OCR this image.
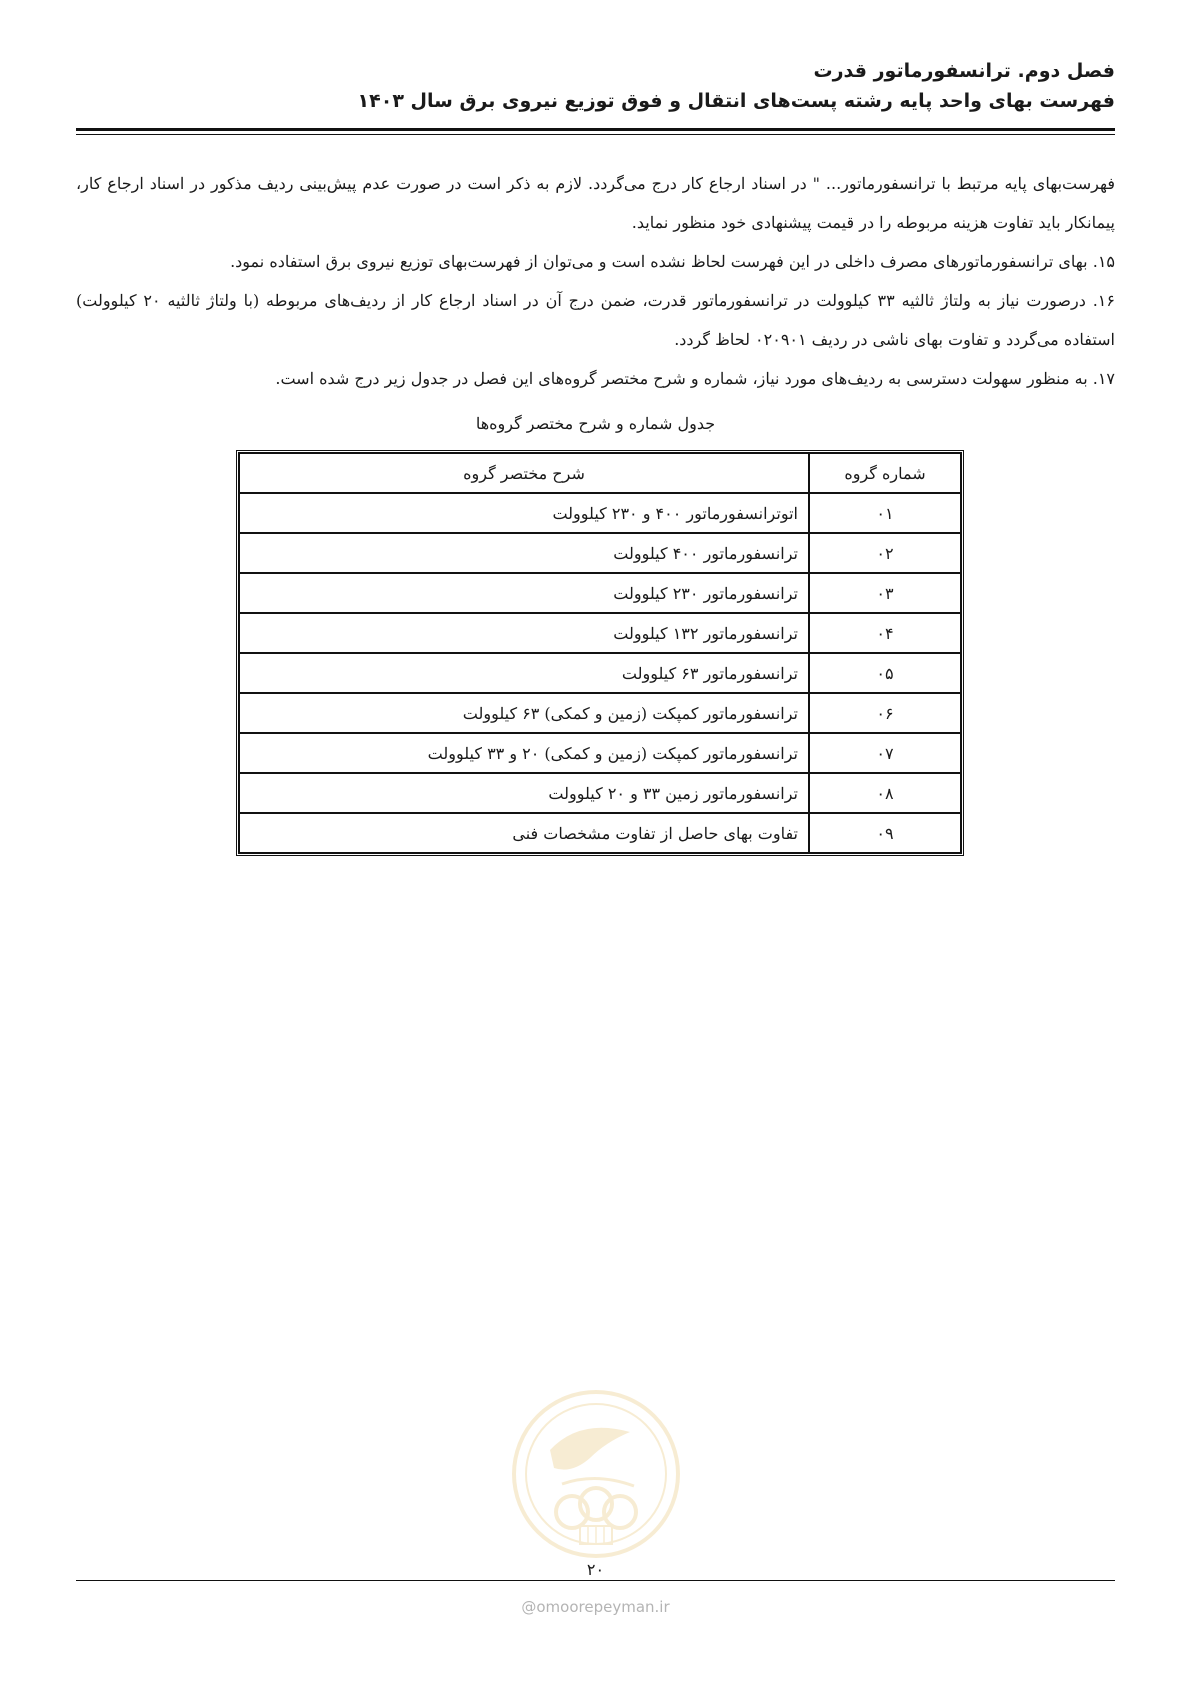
فصل دوم. ترانسفورماتور قدرت
فهرست بهای واحد پایه رشته پست‌های انتقال و فوق توزیع نیروی برق سال ۱۴۰۳

فهرست‌بهای پایه مرتبط با ترانسفورماتور... " در اسناد ارجاع کار درج می‌گردد. لازم به ذکر است در صورت عدم پیش‌بینی ردیف مذکور در اسناد ارجاع کار، پیمانکار باید تفاوت هزینه مربوطه را در قیمت پیشنهادی خود منظور نماید.

۱۵. بهای ترانسفورماتورهای مصرف داخلی در این فهرست لحاظ نشده است و می‌توان از فهرست‌بهای توزیع نیروی برق استفاده نمود.

۱۶. درصورت نیاز به ولتاژ ثالثیه ۳۳ کیلوولت در ترانسفورماتور قدرت، ضمن درج آن در اسناد ارجاع کار از ردیف‌های مربوطه (با ولتاژ ثالثیه ۲۰ کیلوولت) استفاده می‌گردد و تفاوت بهای ناشی در ردیف ۰۲۰۹۰۱ لحاظ گردد.

۱۷. به منظور سهولت دسترسی به ردیف‌های مورد نیاز، شماره و شرح مختصر گروه‌های این فصل در جدول زیر درج شده است.

جدول شماره و شرح مختصر گروه‌ها
شماره گروه	شرح مختصر گروه
۰۱	اتوترانسفورماتور ۴۰۰ و ۲۳۰ کیلوولت
۰۲	ترانسفورماتور ۴۰۰ کیلوولت
۰۳	ترانسفورماتور ۲۳۰ کیلوولت
۰۴	ترانسفورماتور ۱۳۲ کیلوولت
۰۵	ترانسفورماتور ۶۳ کیلوولت
۰۶	ترانسفورماتور کمپکت (زمین و کمکی) ۶۳ کیلوولت
۰۷	ترانسفورماتور کمپکت (زمین و کمکی) ۲۰ و ۳۳ کیلوولت
۰۸	ترانسفورماتور زمین ۳۳ و ۲۰ کیلوولت
۰۹	تفاوت بهای حاصل از تفاوت مشخصات فنی
۲۰
@omoorepeyman.ir
